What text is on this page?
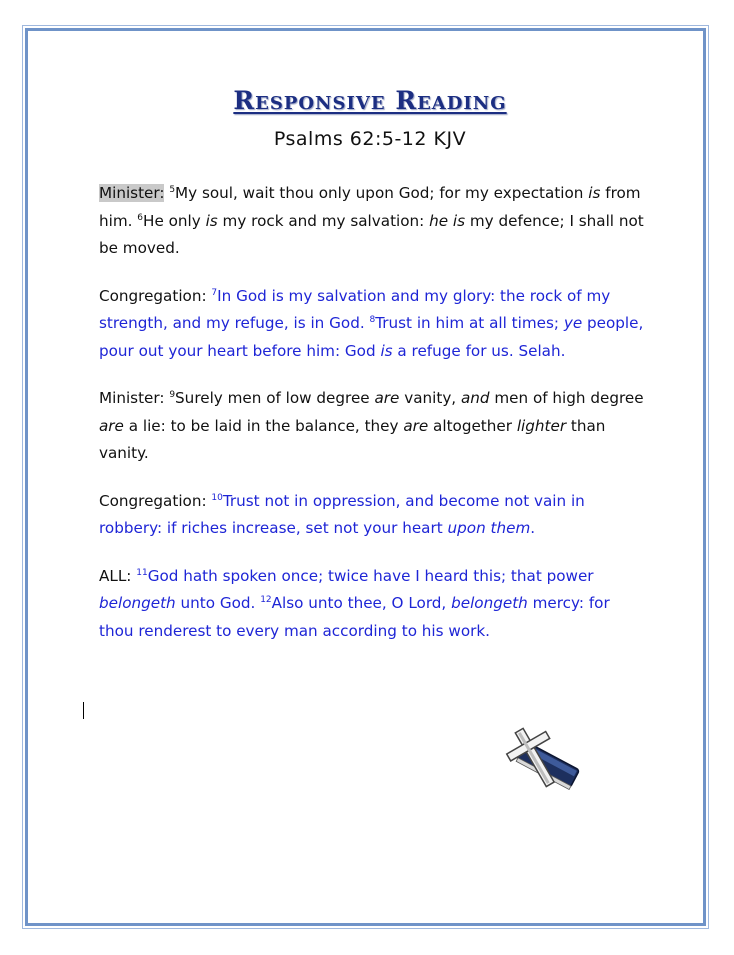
Responsive Reading
Psalms 62:5-12 KJV

Minister: $^5$My soul, wait thou only upon God; for my expectation is from him. $^6$He only is my rock and my salvation: he is my defence; I shall not be moved.

Congregation: $^7$In God is my salvation and my glory: the rock of my strength, and my refuge, is in God. $^8$Trust in him at all times; ye people, pour out your heart before him: God is a refuge for us. Selah.

Minister: $^9$Surely men of low degree are vanity, and men of high degree are a lie: to be laid in the balance, they are altogether lighter than vanity.

Congregation: $^{10}$Trust not in oppression, and become not vain in robbery: if riches increase, set not your heart upon them.

ALL: $^{11}$God hath spoken once; twice have I heard this; that power belongeth unto God. $^{12}$Also unto thee, O Lord, belongeth mercy: for thou renderest to every man according to his work.
